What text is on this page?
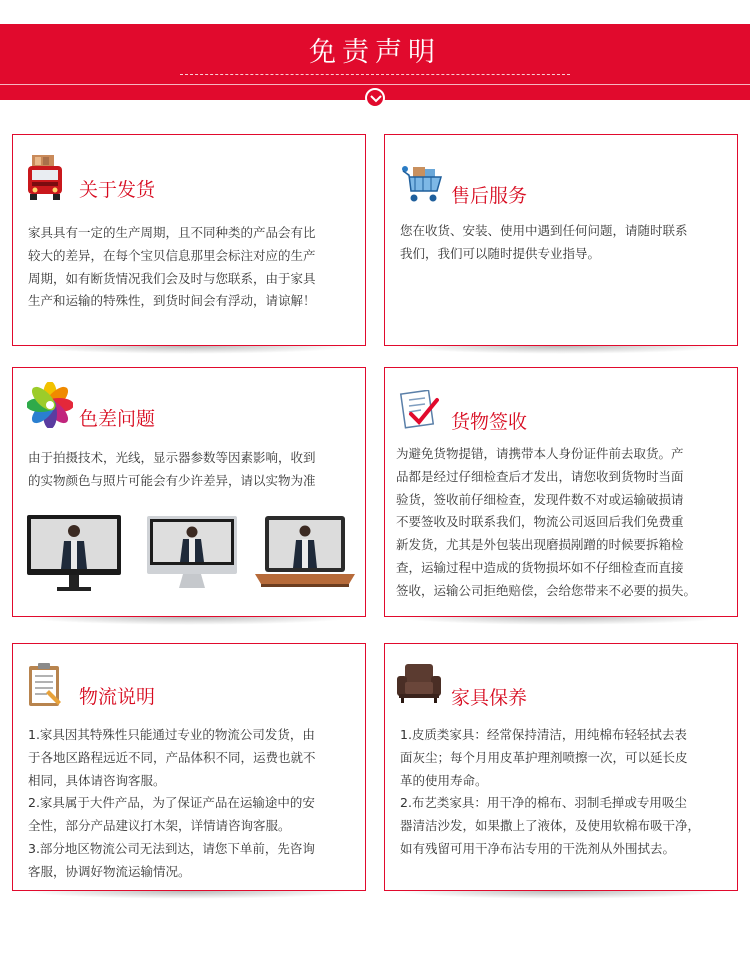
免责声明
关于发货
家具具有一定的生产周期，且不同种类的产品会有比
较大的差异，在每个宝贝信息那里会标注对应的生产
周期，如有断货情况我们会及时与您联系，由于家具
生产和运输的特殊性，到货时间会有浮动，请谅解！
售后服务
您在收货、安装、使用中遇到任何问题，请随时联系
我们，我们可以随时提供专业指导。
色差问题
由于拍摄技术，光线，显示器参数等因素影响，收到
的实物颜色与照片可能会有少许差异，请以实物为准
货物签收
为避免货物提错，请携带本人身份证件前去取货。产
品都是经过仔细检查后才发出，请您收到货物时当面
验货，签收前仔细检查，发现件数不对或运输破损请
不要签收及时联系我们，物流公司返回后我们免费重
新发货，尤其是外包装出现磨损剐蹭的时候要拆箱检
查，运输过程中造成的货物损坏如不仔细检查而直接
签收，运输公司拒绝赔偿，会给您带来不必要的损失。
物流说明
1.家具因其特殊性只能通过专业的物流公司发货，由
于各地区路程远近不同，产品体积不同，运费也就不
相同，具体请咨询客服。
2.家具属于大件产品，为了保证产品在运输途中的安
全性，部分产品建议打木架，详情请咨询客服。
3.部分地区物流公司无法到达，请您下单前，先咨询
客服，协调好物流运输情况。
家具保养
1.皮质类家具：经常保持清洁，用纯棉布轻轻拭去表
面灰尘；每个月用皮革护理剂喷擦一次，可以延长皮
革的使用寿命。
2.布艺类家具：用干净的棉布、羽制毛掸或专用吸尘
器清洁沙发，如果撒上了液体，及使用软棉布吸干净，
如有残留可用干净布沾专用的干洗剂从外围拭去。
